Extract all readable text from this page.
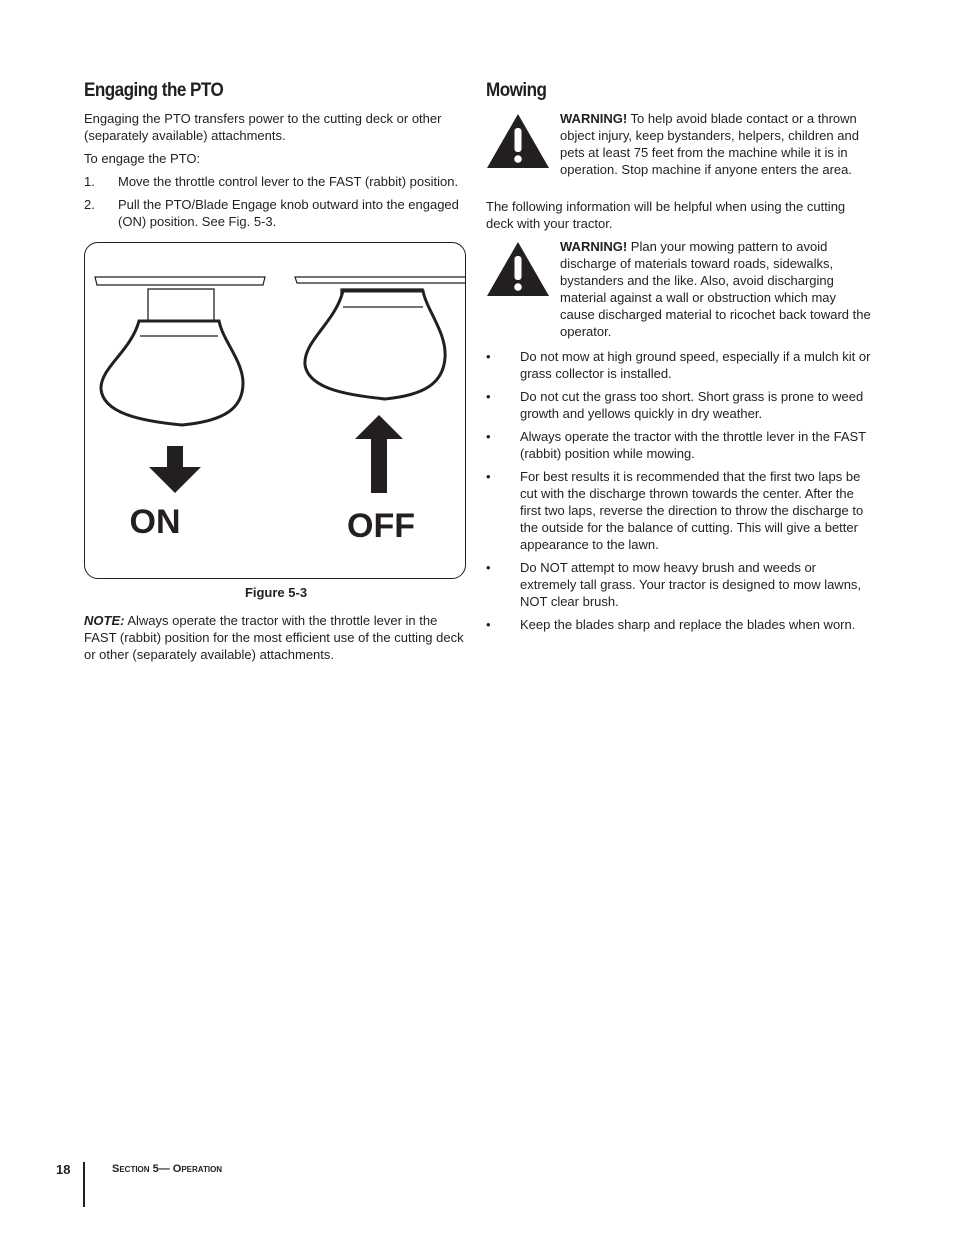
Engaging the PTO

Engaging the PTO transfers power to the cutting deck or other (separately available) attachments.

To engage the PTO:

1. Move the throttle control lever to the FAST (rabbit) position.
2. Pull the PTO/Blade Engage knob outward into the engaged (ON) position. See Fig. 5-3.
ON	OFF
Figure 5-3

NOTE: Always operate the tractor with the throttle lever in the FAST (rabbit) position for the most efficient use of the cutting deck or other (separately available) attachments.

Mowing
WARNING! To help avoid blade contact or a thrown object injury, keep bystanders, helpers, children and pets at least 75 feet from the machine while it is in operation. Stop machine if anyone enters the area.

The following information will be helpful when using the cutting deck with your tractor.

WARNING! Plan your mowing pattern to avoid discharge of materials toward roads, sidewalks, bystanders and the like. Also, avoid discharging material against a wall or obstruction which may cause discharged material to ricochet back toward the operator.
• Do not mow at high ground speed, especially if a mulch kit or grass collector is installed.
• Do not cut the grass too short. Short grass is prone to weed growth and yellows quickly in dry weather.
• Always operate the tractor with the throttle lever in the FAST (rabbit) position while mowing.
• For best results it is recommended that the first two laps be cut with the discharge thrown towards the center. After the first two laps, reverse the direction to throw the discharge to the outside for the balance of cutting. This will give a better appearance to the lawn.
• Do NOT attempt to mow heavy brush and weeds or extremely tall grass. Your tractor is designed to mow lawns, NOT clear brush.
• Keep the blades sharp and replace the blades when worn.
18	Section 5— Operation
